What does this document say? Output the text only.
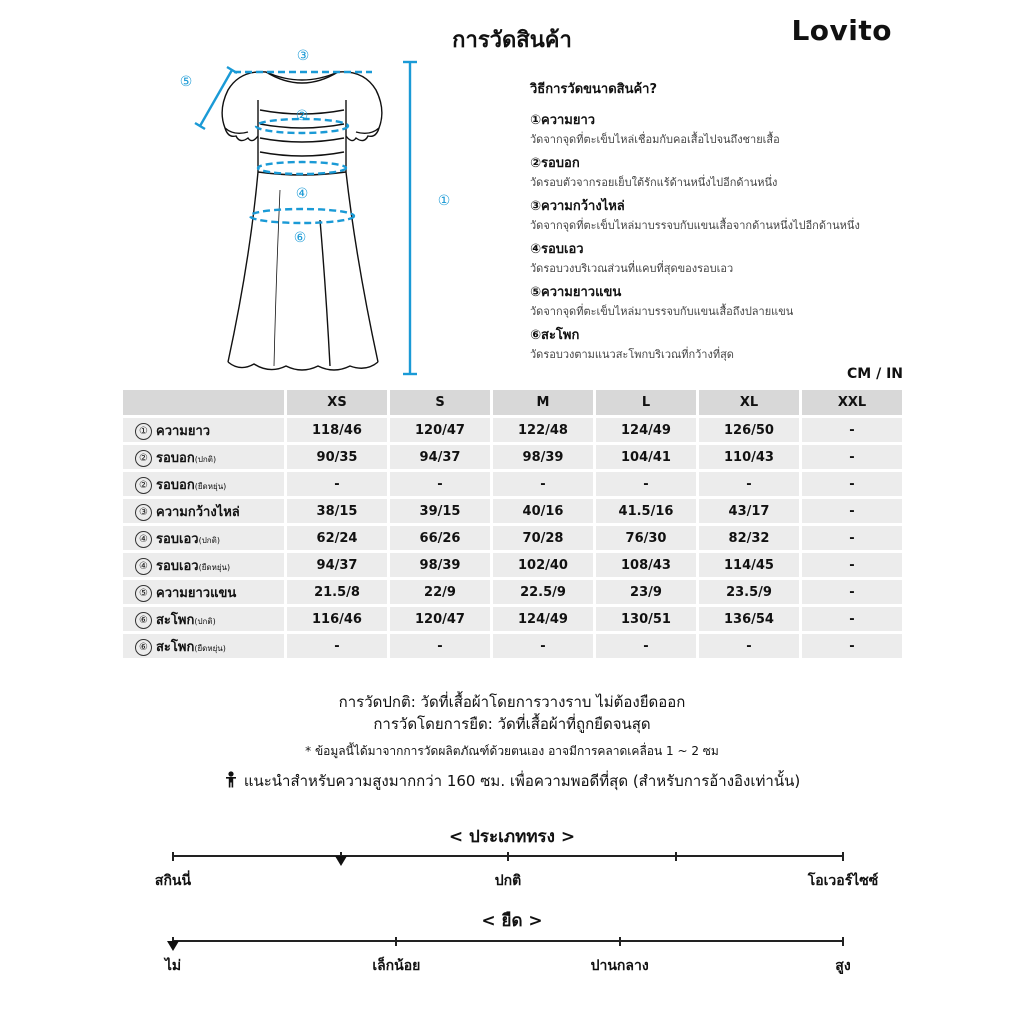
การวัดสินค้า	Lovito
③
⑤
②
④
⑥
①
วิธีการวัดขนาดสินค้า?
①ความยาว
วัดจากจุดที่ตะเข็บไหล่เชื่อมกับคอเสื้อไปจนถึงชายเสื้อ
②รอบอก
วัดรอบตัวจากรอยเย็บใต้รักแร้ด้านหนึ่งไปอีกด้านหนึ่ง
③ความกว้างไหล่
วัดจากจุดที่ตะเข็บไหล่มาบรรจบกับแขนเสื้อจากด้านหนึ่งไปอีกด้านหนึ่ง
④รอบเอว
วัดรอบวงบริเวณส่วนที่แคบที่สุดของรอบเอว
⑤ความยาวแขน
วัดจากจุดที่ตะเข็บไหล่มาบรรจบกับแขนเสื้อถึงปลายแขน
⑥สะโพก
วัดรอบวงตามแนวสะโพกบริเวณที่กว้างที่สุด
CM / IN
	XS	S	M	L	XL	XXL
① ความยาว	118/46	120/47	122/48	124/49	126/50	-
② รอบอก(ปกติ)	90/35	94/37	98/39	104/41	110/43	-
② รอบอก(ยืดหยุ่น)	-	-	-	-	-	-
③ ความกว้างไหล่	38/15	39/15	40/16	41.5/16	43/17	-
④ รอบเอว(ปกติ)	62/24	66/26	70/28	76/30	82/32	-
④ รอบเอว(ยืดหยุ่น)	94/37	98/39	102/40	108/43	114/45	-
⑤ ความยาวแขน	21.5/8	22/9	22.5/9	23/9	23.5/9	-
⑥ สะโพก(ปกติ)	116/46	120/47	124/49	130/51	136/54	-
⑥ สะโพก(ยืดหยุ่น)	-	-	-	-	-	-
การวัดปกติ: วัดที่เสื้อผ้าโดยการวางราบ ไม่ต้องยืดออก
การวัดโดยการยืด: วัดที่เสื้อผ้าที่ถูกยืดจนสุด
* ข้อมูลนี้ได้มาจากการวัดผลิตภัณฑ์ด้วยตนเอง อาจมีการคลาดเคลื่อน 1 ~ 2 ซม
แนะนำสำหรับความสูงมากกว่า 160 ซม. เพื่อความพอดีที่สุด (สำหรับการอ้างอิงเท่านั้น)
< ประเภททรง >
สกินนี่	ปกติ	โอเวอร์ไซซ์
< ยืด >
ไม่	เล็กน้อย	ปานกลาง	สูง
